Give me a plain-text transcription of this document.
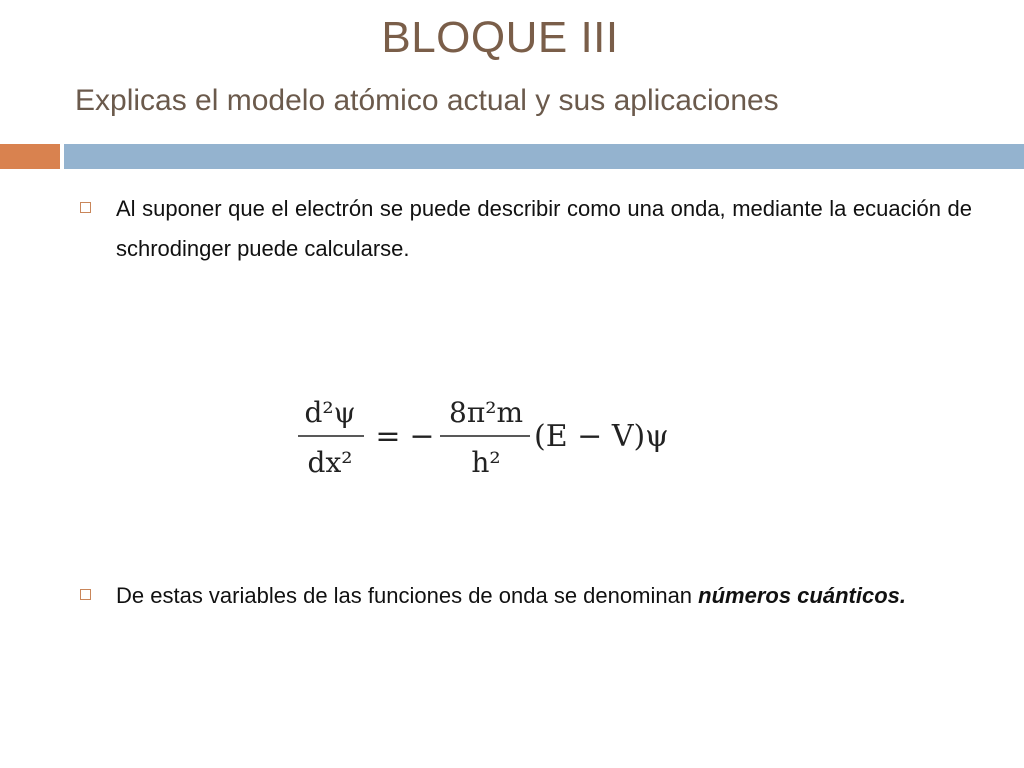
BLOQUE III
Explicas el modelo atómico actual y sus aplicaciones
Al suponer que el electrón se puede describir como una onda, mediante la ecuación de schrodinger puede calcularse.
d²ψ
dx²
= −
8π²m
h²
(E − V)ψ
De estas variables de las funciones de onda se denominan números cuánticos.
